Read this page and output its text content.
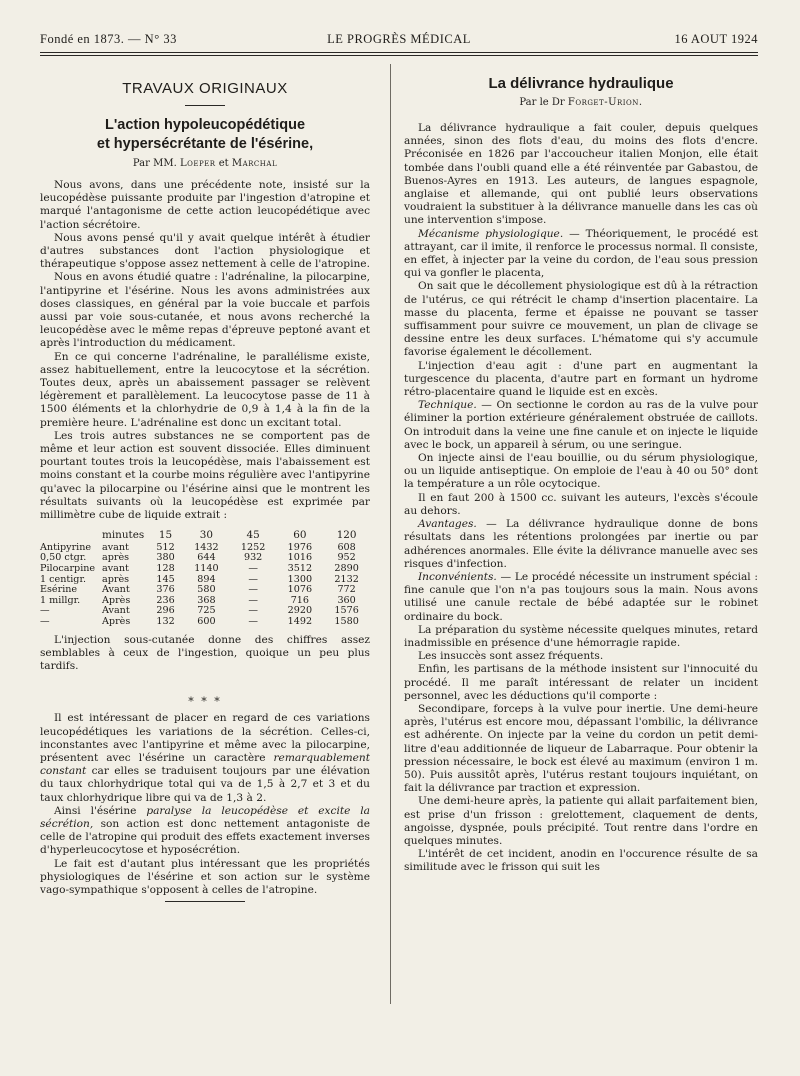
Fondé en 1873. — N° 33	LE PROGRÈS MÉDICAL	16 AOUT 1924
TRAVAUX ORIGINAUX

L'action hypoleucopédétique
et hypersécrétante de l'ésérine,

Par MM. Loeper et Marchal

Nous avons, dans une précédente note, insisté sur la leucopédèse puissante produite par l'ingestion d'atropine et marqué l'antagonisme de cette action leucopédétique avec l'action sécrétoire.

Nous avons pensé qu'il y avait quelque intérêt à étudier d'autres substances dont l'action physiologique et thérapeutique s'oppose assez nettement à celle de l'atropine.

Nous en avons étudié quatre : l'adrénaline, la pilocarpine, l'antipyrine et l'ésérine. Nous les avons administrées aux doses classiques, en général par la voie buccale et parfois aussi par voie sous-cutanée, et nous avons recherché la leucopédèse avec le même repas d'épreuve peptoné avant et après l'introduction du médicament.

En ce qui concerne l'adrénaline, le parallélisme existe, assez habituellement, entre la leucocytose et la sécrétion. Toutes deux, après un abaissement passager se relèvent légèrement et parallèlement. La leucocytose passe de 11 à 1500 éléments et la chlorhydrie de 0,9 à 1,4 à la fin de la première heure. L'adrénaline est donc un excitant total.

Les trois autres substances ne se comportent pas de même et leur action est souvent dissociée. Elles diminuent pourtant toutes trois la leucopédèse, mais l'abaissement est moins constant et la courbe moins régulière avec l'antipyrine qu'avec la pilocarpine ou l'ésérine ainsi que le montrent les résultats suivants où la leucopédèse est exprimée par millimètre cube de liquide extrait :

	minutes	15	30	45	60	120
Antipyrine	avant	512	1432	1252	1976	608
0,50 ctgr.	après	380	644	932	1016	952
Pilocarpine	avant	128	1140	—	3512	2890
1 centigr.	après	145	894	—	1300	2132
Esérine	Avant	376	580	—	1076	772
1 millgr.	Après	236	368	—	716	360
—	Avant	296	725	—	2920	1576
—	Après	132	600	—	1492	1580

L'injection sous-cutanée donne des chiffres assez semblables à ceux de l'ingestion, quoique un peu plus tardifs.

* * *

Il est intéressant de placer en regard de ces variations leucopédétiques les variations de la sécrétion. Celles-ci, inconstantes avec l'antipyrine et même avec la pilocarpine, présentent avec l'ésérine un caractère remarquablement constant car elles se traduisent toujours par une élévation du taux chlorhydrique total qui va de 1,5 à 2,7 et 3 et du taux chlorhydrique libre qui va de 1,3 à 2.

Ainsi l'ésérine paralyse la leucopédèse et excite la sécrétion, son action est donc nettement antagoniste de celle de l'atropine qui produit des effets exactement inverses d'hyperleucocytose et hyposécrétion.

Le fait est d'autant plus intéressant que les propriétés physiologiques de l'ésérine et son action sur le système vago-sympathique s'opposent à celles de l'atropine.

La délivrance hydraulique

Par le Dr Forget-Urion.

La délivrance hydraulique a fait couler, depuis quelques années, sinon des flots d'eau, du moins des flots d'encre. Préconisée en 1826 par l'accoucheur italien Monjon, elle était tombée dans l'oubli quand elle a été réinventée par Gabastou, de Buenos-Ayres en 1913. Les auteurs, de langues espagnole, anglaise et allemande, qui ont publié leurs observations voudraient la substituer à la délivrance manuelle dans les cas où une intervention s'impose.

Mécanisme physiologique. — Théoriquement, le procédé est attrayant, car il imite, il renforce le processus normal. Il consiste, en effet, à injecter par la veine du cordon, de l'eau sous pression qui va gonfler le placenta,

On sait que le décollement physiologique est dû à la rétraction de l'utérus, ce qui rétrécit le champ d'insertion placentaire. La masse du placenta, ferme et épaisse ne pouvant se tasser suffisamment pour suivre ce mouvement, un plan de clivage se dessine entre les deux surfaces. L'hématome qui s'y accumule favorise également le décollement.

L'injection d'eau agit : d'une part en augmentant la turgescence du placenta, d'autre part en formant un hydrome rétro-placentaire quand le liquide est en excès.

Technique. — On sectionne le cordon au ras de la vulve pour éliminer la portion extérieure généralement obstruée de caillots. On introduit dans la veine une fine canule et on injecte le liquide avec le bock, un appareil à sérum, ou une seringue.

On injecte ainsi de l'eau bouillie, ou du sérum physiologique, ou un liquide antiseptique. On emploie de l'eau à 40 ou 50° dont la température a un rôle ocytocique.

Il en faut 200 à 1500 cc. suivant les auteurs, l'excès s'écoule au dehors.

Avantages. — La délivrance hydraulique donne de bons résultats dans les rétentions prolongées par inertie ou par adhérences anormales. Elle évite la délivrance manuelle avec ses risques d'infection.

Inconvénients. — Le procédé nécessite un instrument spécial : fine canule que l'on n'a pas toujours sous la main. Nous avons utilisé une canule rectale de bébé adaptée sur le robinet ordinaire du bock.

La préparation du système nécessite quelques minutes, retard inadmissible en présence d'une hémorragie rapide.

Les insuccès sont assez fréquents.

Enfin, les partisans de la méthode insistent sur l'innocuité du procédé. Il me paraît intéressant de relater un incident personnel, avec les déductions qu'il comporte :

Secondipare, forceps à la vulve pour inertie. Une demi-heure après, l'utérus est encore mou, dépassant l'ombilic, la délivrance est adhérente. On injecte par la veine du cordon un petit demi-litre d'eau additionnée de liqueur de Labarraque. Pour obtenir la pression nécessaire, le bock est élevé au maximum (environ 1 m. 50). Puis aussitôt après, l'utérus restant toujours inquiétant, on fait la délivrance par traction et expression.

Une demi-heure après, la patiente qui allait parfaitement bien, est prise d'un frisson : grelottement, claquement de dents, angoisse, dyspnée, pouls précipité. Tout rentre dans l'ordre en quelques minutes.

L'intérêt de cet incident, anodin en l'occurence résulte de sa similitude avec le frisson qui suit les
